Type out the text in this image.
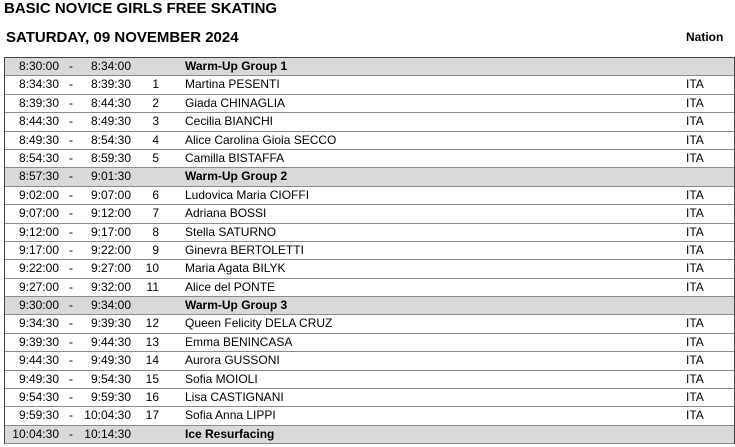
BASIC NOVICE GIRLS FREE SKATING
SATURDAY, 09 NOVEMBER 2024	Nation
8:30:00 -	8:34:00	Warm-Up Group 1
8:34:30 -	8:39:30	1 Martina PESENTI	ITA
8:39:30 -	8:44:30	2 Giada CHINAGLIA	ITA
8:44:30 -	8:49:30	3 Cecilia BIANCHI	ITA
8:49:30 -	8:54:30	4 Alice Carolina Gioia SECCO	ITA
8:54:30 -	8:59:30	5 Camilla BISTAFFA	ITA
8:57:30 -	9:01:30	Warm-Up Group 2
9:02:00 -	9:07:00	6 Ludovica Maria CIOFFI	ITA
9:07:00 -	9:12:00	7 Adriana BOSSI	ITA
9:12:00 -	9:17:00	8 Stella SATURNO	ITA
9:17:00 -	9:22:00	9 Ginevra BERTOLETTI	ITA
9:22:00 -	9:27:00	10 Maria Agata BILYK	ITA
9:27:00 -	9:32:00	11 Alice del PONTE	ITA
9:30:00 -	9:34:00	Warm-Up Group 3
9:34:30 -	9:39:30	12 Queen Felicity DELA CRUZ	ITA
9:39:30 -	9:44:30	13 Emma BENINCASA	ITA
9:44:30 -	9:49:30	14 Aurora GUSSONI	ITA
9:49:30 -	9:54:30	15 Sofia MOIOLI	ITA
9:54:30 -	9:59:30	16 Lisa CASTIGNANI	ITA
9:59:30 - 10:04:30	17 Sofia Anna LIPPI	ITA
10:04:30 - 10:14:30	Ice Resurfacing
